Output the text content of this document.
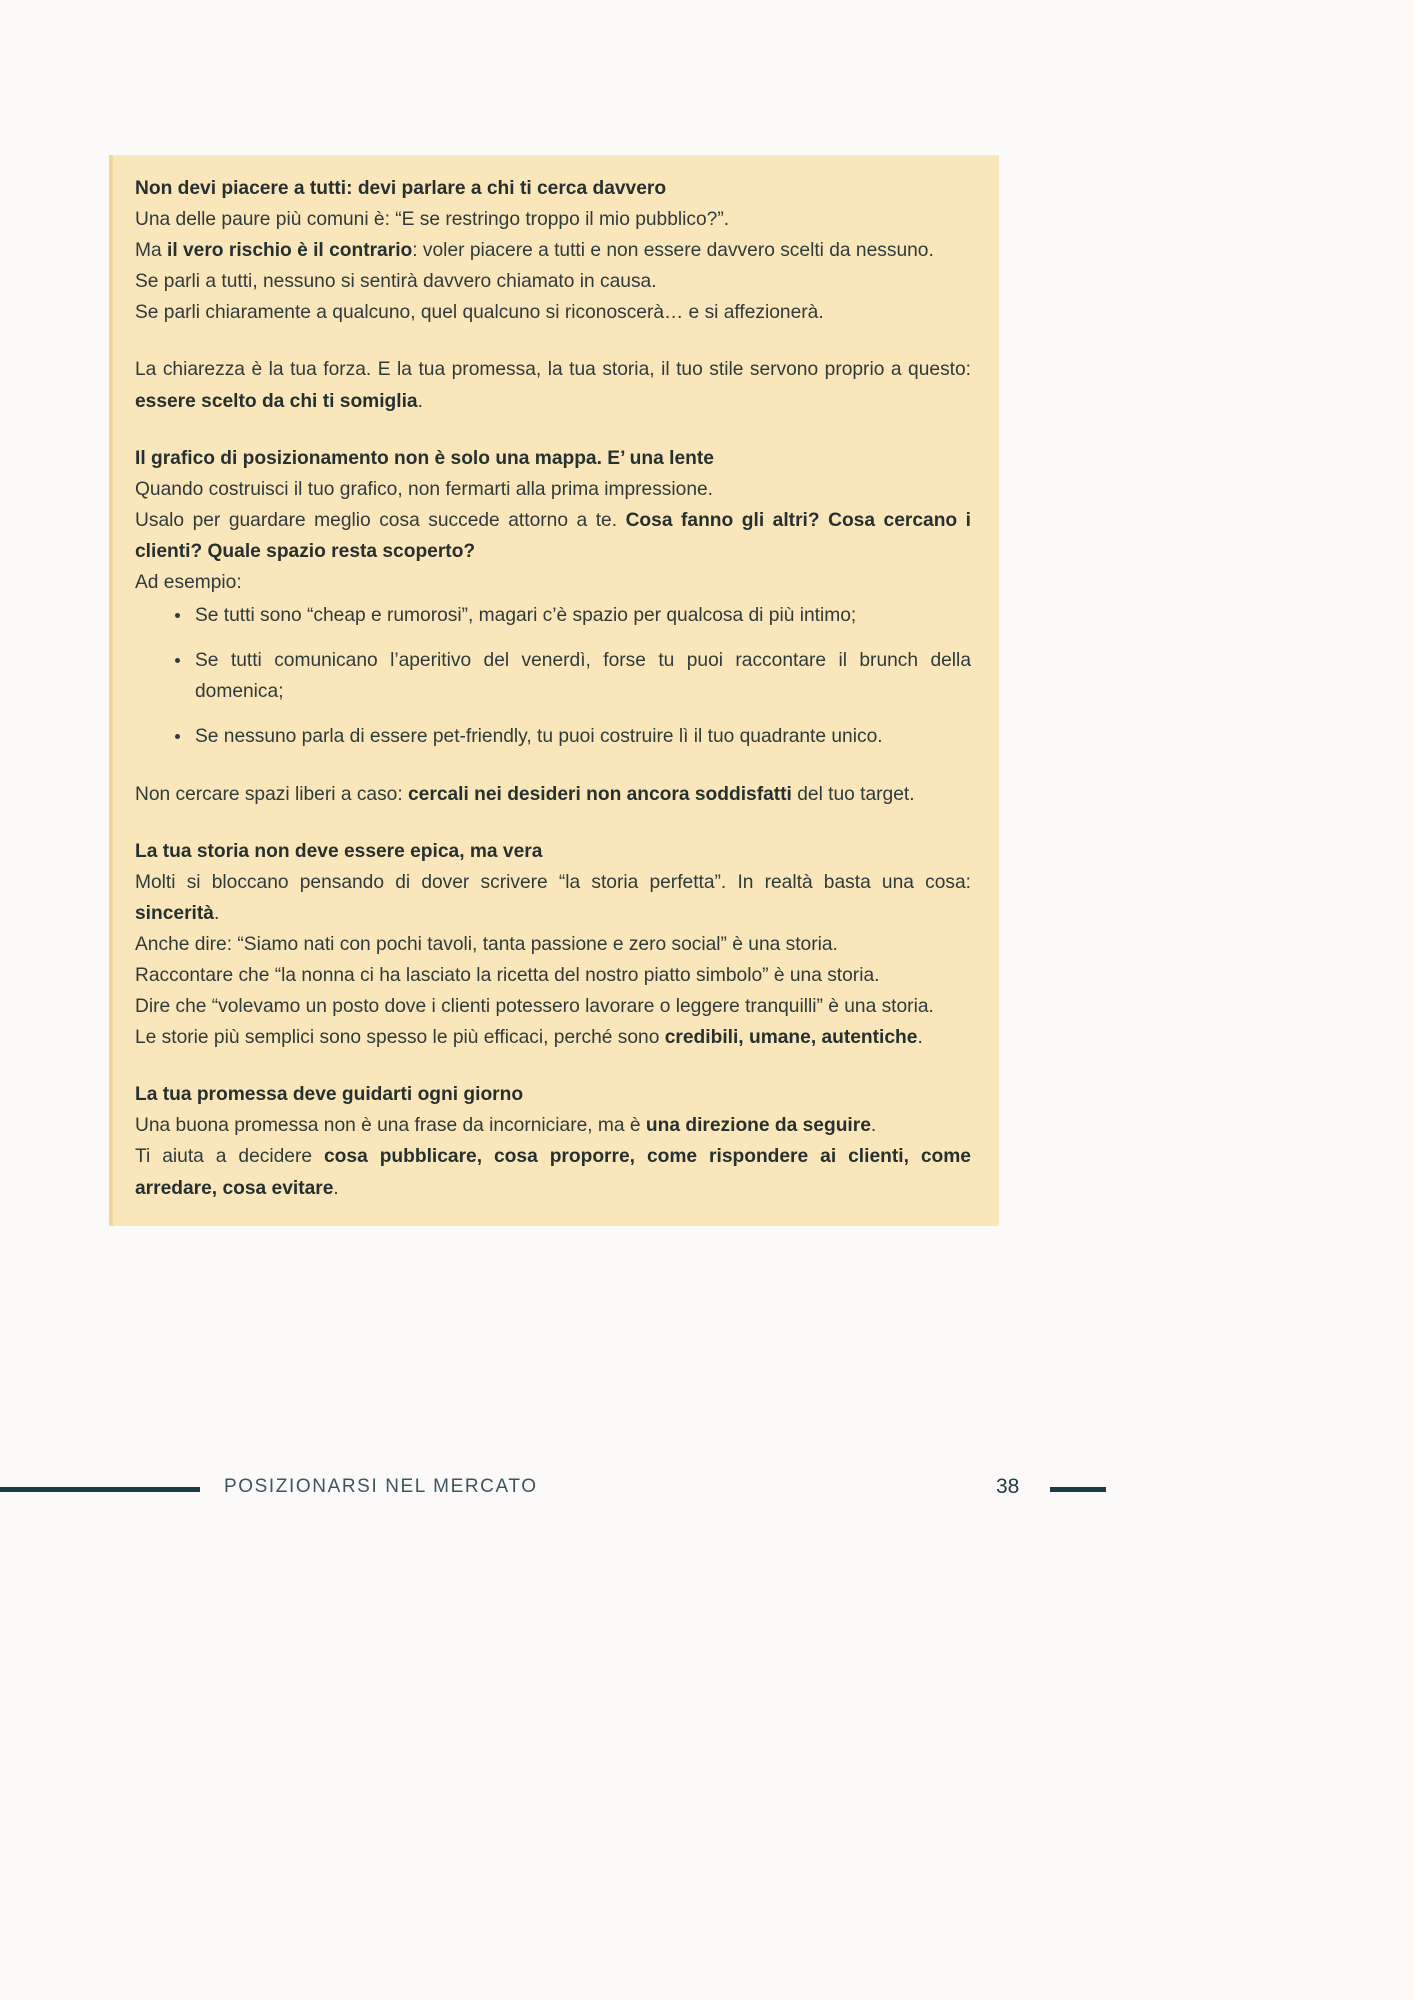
Non devi piacere a tutti: devi parlare a chi ti cerca davvero

Una delle paure più comuni è: “E se restringo troppo il mio pubblico?”.

Ma il vero rischio è il contrario: voler piacere a tutti e non essere davvero scelti da nessuno.

Se parli a tutti, nessuno si sentirà davvero chiamato in causa.

Se parli chiaramente a qualcuno, quel qualcuno si riconoscerà… e si affezionerà.

La chiarezza è la tua forza. E la tua promessa, la tua storia, il tuo stile servono proprio a questo: essere scelto da chi ti somiglia.

Il grafico di posizionamento non è solo una mappa. E’ una lente

Quando costruisci il tuo grafico, non fermarti alla prima impressione.

Usalo per guardare meglio cosa succede attorno a te. Cosa fanno gli altri? Cosa cercano i clienti? Quale spazio resta scoperto?

Ad esempio:

Se tutti sono “cheap e rumorosi”, magari c’è spazio per qualcosa di più intimo;
Se tutti comunicano l’aperitivo del venerdì, forse tu puoi raccontare il brunch della domenica;
Se nessuno parla di essere pet-friendly, tu puoi costruire lì il tuo quadrante unico.

Non cercare spazi liberi a caso: cercali nei desideri non ancora soddisfatti del tuo target.

La tua storia non deve essere epica, ma vera

Molti si bloccano pensando di dover scrivere “la storia perfetta”. In realtà basta una cosa: sincerità.

Anche dire: “Siamo nati con pochi tavoli, tanta passione e zero social” è una storia.

Raccontare che “la nonna ci ha lasciato la ricetta del nostro piatto simbolo” è una storia.

Dire che “volevamo un posto dove i clienti potessero lavorare o leggere tranquilli” è una storia.

Le storie più semplici sono spesso le più efficaci, perché sono credibili, umane, autentiche.

La tua promessa deve guidarti ogni giorno

Una buona promessa non è una frase da incorniciare, ma è una direzione da seguire.

Ti aiuta a decidere cosa pubblicare, cosa proporre, come rispondere ai clienti, come arredare, cosa evitare.

POSIZIONARSI NEL MERCATO	38
